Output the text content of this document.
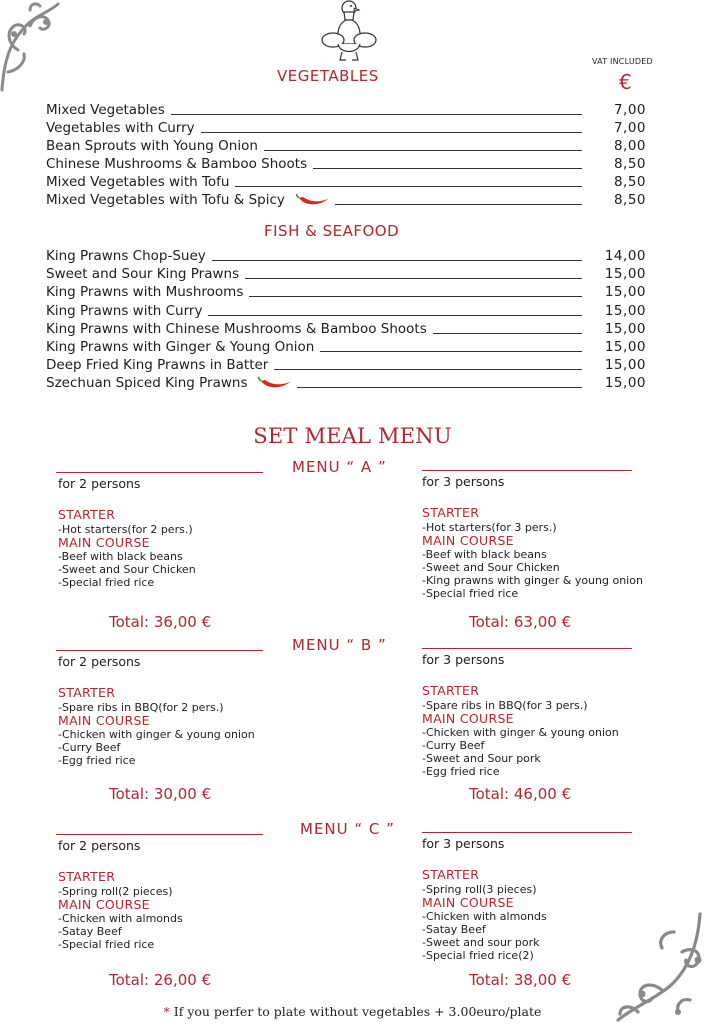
VAT INCLUDED
€
VEGETABLES
Mixed Vegetables	7,00
Vegetables with Curry	7,00
Bean Sprouts with Young Onion	8,00
Chinese Mushrooms & Bamboo Shoots	8,50
Mixed Vegetables with Tofu	8,50
Mixed Vegetables with Tofu & Spicy	8,50
FISH & SEAFOOD
King Prawns Chop-Suey	14,00
Sweet and Sour King Prawns	15,00
King Prawns with Mushrooms	15,00
King Prawns with Curry	15,00
King Prawns with Chinese Mushrooms & Bamboo Shoots	15,00
King Prawns with Ginger & Young Onion	15,00
Deep Fried King Prawns in Batter	15,00
Szechuan Spiced King Prawns	15,00
SET MEAL MENU
MENU “ A ”
for 2 persons
STARTER
-Hot starters(for 2 pers.)
MAIN COURSE
-Beef with black beans
-Sweet and Sour Chicken
-Special fried rice
Total: 36,00 €
for 3 persons
STARTER
-Hot starters(for 3 pers.)
MAIN COURSE
-Beef with black beans
-Sweet and Sour Chicken
-King prawns with ginger & young onion
-Special fried rice
Total: 63,00 €
MENU “ B ”
for 2 persons
STARTER
-Spare ribs in BBQ(for 2 pers.)
MAIN COURSE
-Chicken with ginger & young onion
-Curry Beef
-Egg fried rice
Total: 30,00 €
for 3 persons
STARTER
-Spare ribs in BBQ(for 3 pers.)
MAIN COURSE
-Chicken with ginger & young onion
-Curry Beef
-Sweet and Sour pork
-Egg fried rice
Total: 46,00 €
MENU “ C ”
for 2 persons
STARTER
-Spring roll(2 pieces)
MAIN COURSE
-Chicken with almonds
-Satay Beef
-Special fried rice
Total: 26,00 €
for 3 persons
STARTER
-Spring roll(3 pieces)
MAIN COURSE
-Chicken with almonds
-Satay Beef
-Sweet and sour pork
-Special fried rice(2)
Total: 38,00 €
* If you perfer to plate without vegetables + 3.00euro/plate
